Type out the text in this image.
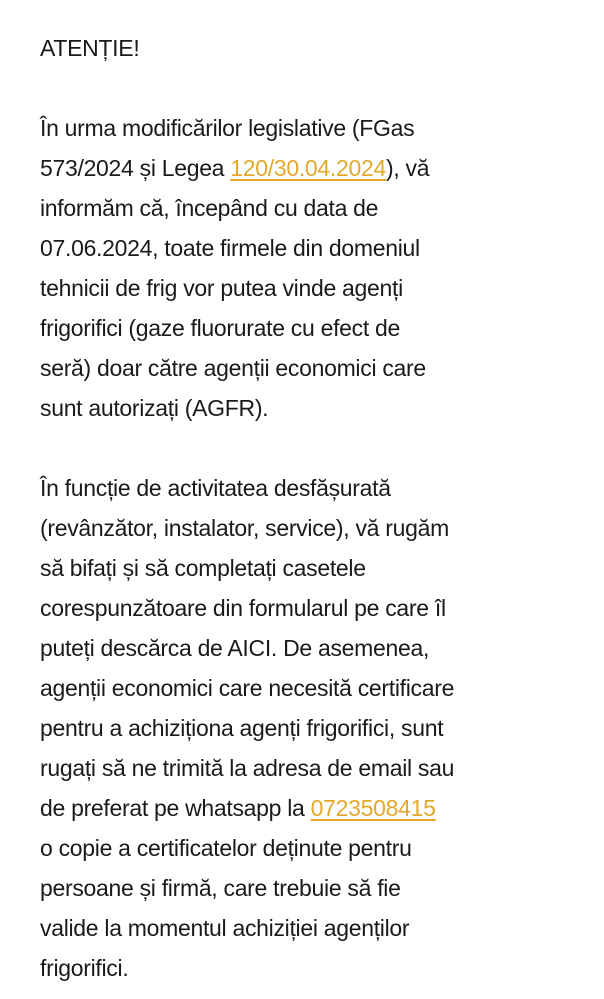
ATENȚIE!
În urma modificărilor legislative (FGas
573/2024 și Legea 120/30.04.2024), vă
informăm că, începând cu data de
07.06.2024, toate firmele din domeniul
tehnicii de frig vor putea vinde agenți
frigorifici (gaze fluorurate cu efect de
seră) doar către agenții economici care
sunt autorizați (AGFR).
În funcție de activitatea desfășurată
(revânzător, instalator, service), vă rugăm
să bifați și să completați casetele
corespunzătoare din formularul pe care îl
puteți descărca de AICI. De asemenea,
agenții economici care necesită certificare
pentru a achiziționa agenți frigorifici, sunt
rugați să ne trimită la adresa de email sau
de preferat pe whatsapp la 0723508415
o copie a certificatelor deținute pentru
persoane și firmă, care trebuie să fie
valide la momentul achiziției agenților
frigorifici.
